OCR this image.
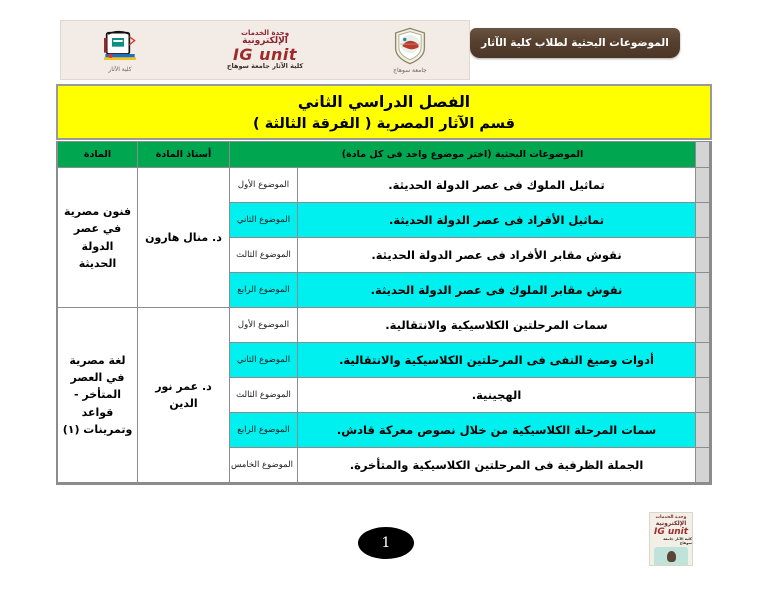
الموضوعات البحثية لطلاب كلية الآثار
كلية الآثار
وحدة الخدمات
الإلكترونية
IG unit
كلية الآثار جامعة سوهاج
جامعة سوهاج
الفصل الدراسي الثاني
قسم الآثار المصرية ( الفرقة الثالثة )
	الموضوعات البحثية (اختر موضوع واحد فى كل مادة)		أستاذ المادة	المادة
	تماثيل الملوك فى عصر الدولة الحديثة.	الموضوع الأول	د. منال هارون	فنون مصرية في عصر الدولة الحديثة
	تماثيل الأفراد فى عصر الدولة الحديثة.	الموضوع الثاني		
	نقوش مقابر الأفراد فى عصر الدولة الحديثة.	الموضوع الثالث		
	نقوش مقابر الملوك فى عصر الدولة الحديثة.	الموضوع الرابع		
	سمات المرحلتين الكلاسيكية والانتقالية.	الموضوع الأول	د. عمر نور الدين	لغة مصرية في العصر المتأخر - قواعد وتمرينات (١)
	أدوات وصيغ النفى فى المرحلتين الكلاسيكية والانتقالية.	الموضوع الثاني		
	الهجينية.	الموضوع الثالث		
	سمات المرحلة الكلاسيكية من خلال نصوص معركة قادش.	الموضوع الرابع		
	الجملة الظرفية فى المرحلتين الكلاسيكية والمتأخرة.	الموضوع الخامس		
وحدة الخدمات
الإلكترونية
IG unit
كلية الآثار جامعة سوهاج
1
